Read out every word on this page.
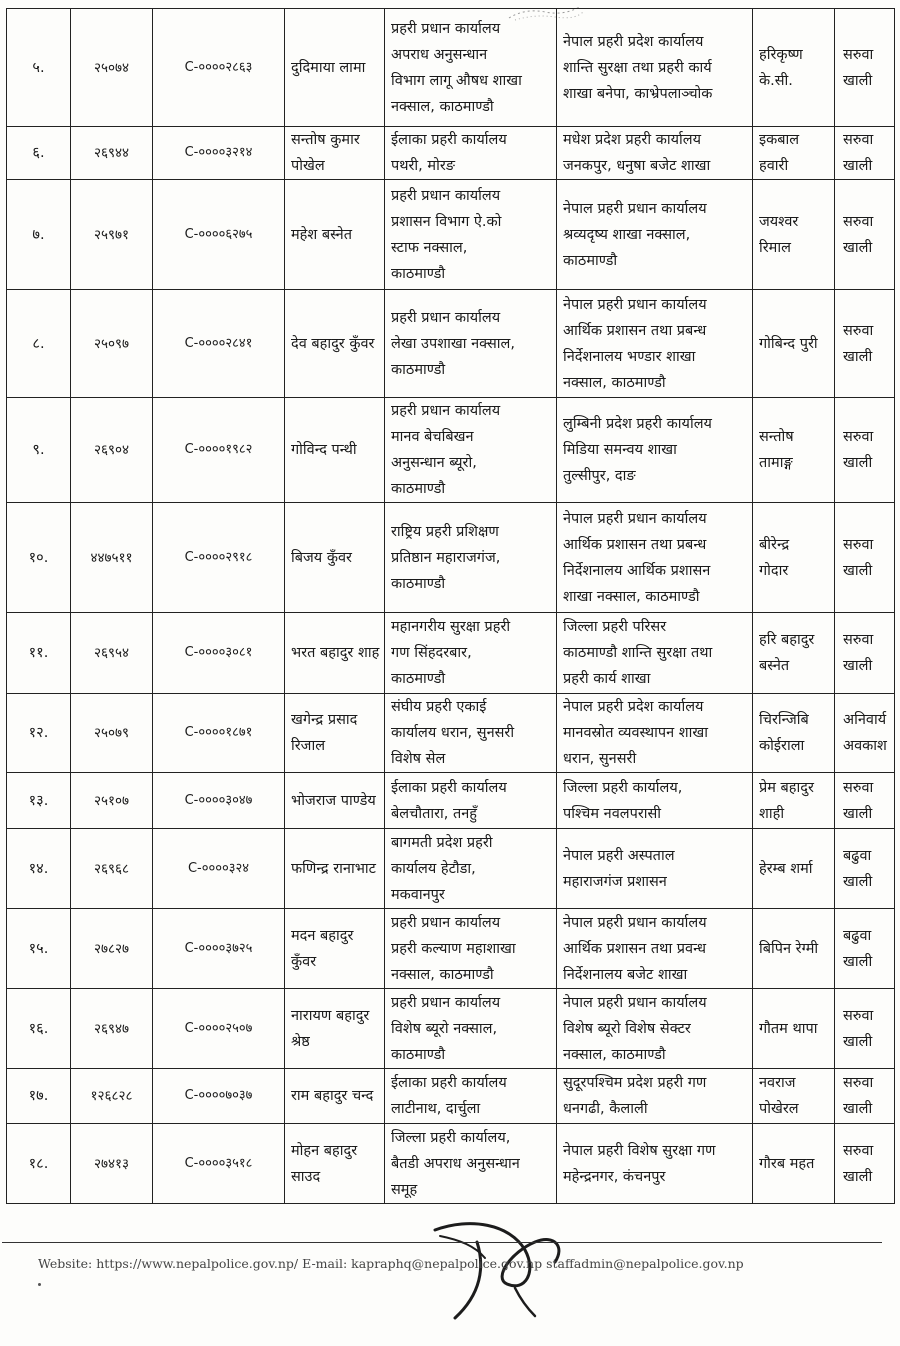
५.	२५०७४	C-००००२८६३	दुदिमाया लामा	प्रहरी प्रधान कार्यालय
अपराध अनुसन्धान
विभाग लागू औषध शाखा
नक्साल, काठमाण्डौ	नेपाल प्रहरी प्रदेश कार्यालय
शान्ति सुरक्षा तथा प्रहरी कार्य
शाखा बनेपा, काभ्रेपलाञ्चोक	हरिकृष्ण
के.सी.	सरुवा
खाली

६.	२६९४४	C-००००३२१४	सन्तोष कुमार
पोखेल	ईलाका प्रहरी कार्यालय
पथरी, मोरङ	मधेश प्रदेश प्रहरी कार्यालय
जनकपुर, धनुषा बजेट शाखा	इकबाल
हवारी	सरुवा
खाली

७.	२५९७१	C-००००६२७५	महेश बस्नेत	प्रहरी प्रधान कार्यालय
प्रशासन विभाग ऐ.को
स्टाफ नक्साल,
काठमाण्डौ	नेपाल प्रहरी प्रधान कार्यालय
श्रव्यदृष्य शाखा नक्साल,
काठमाण्डौ	जयश्वर
रिमाल	सरुवा
खाली

८.	२५०९७	C-००००२८४१	देव बहादुर कुँवर	प्रहरी प्रधान कार्यालय
लेखा उपशाखा नक्साल,
काठमाण्डौ	नेपाल प्रहरी प्रधान कार्यालय
आर्थिक प्रशासन तथा प्रबन्ध
निर्देशनालय भण्डार शाखा
नक्साल, काठमाण्डौ	गोबिन्द पुरी	सरुवा
खाली

९.	२६९०४	C-००००१९८२	गोविन्द पन्थी	प्रहरी प्रधान कार्यालय
मानव बेचबिखन
अनुसन्धान ब्यूरो,
काठमाण्डौ	लुम्बिनी प्रदेश प्रहरी कार्यालय
मिडिया समन्वय शाखा
तुल्सीपुर, दाङ	सन्तोष
तामाङ्ग	सरुवा
खाली

१०.	४४७५११	C-००००२९१८	बिजय कुँवर	राष्ट्रिय प्रहरी प्रशिक्षण
प्रतिष्ठान महाराजगंज,
काठमाण्डौ	नेपाल प्रहरी प्रधान कार्यालय
आर्थिक प्रशासन तथा प्रबन्ध
निर्देशनालय आर्थिक प्रशासन
शाखा नक्साल, काठमाण्डौ	बीरेन्द्र
गोदार	सरुवा
खाली

११.	२६९५४	C-००००३०८१	भरत बहादुर शाह	महानगरीय सुरक्षा प्रहरी
गण सिंहदरबार,
काठमाण्डौ	जिल्ला प्रहरी परिसर
काठमाण्डौ शान्ति सुरक्षा तथा
प्रहरी कार्य शाखा	हरि बहादुर
बस्नेत	सरुवा
खाली

१२.	२५०७९	C-००००१८७१	खगेन्द्र प्रसाद
रिजाल	संघीय प्रहरी एकाई
कार्यालय धरान, सुनसरी
विशेष सेल	नेपाल प्रहरी प्रदेश कार्यालय
मानवस्रोत व्यवस्थापन शाखा
धरान, सुनसरी	चिरन्जिबि
कोईराला	अनिवार्य
अवकाश

१३.	२५१०७	C-००००३०४७	भोजराज पाण्डेय	ईलाका प्रहरी कार्यालय
बेलचौतारा, तनहुँ	जिल्ला प्रहरी कार्यालय,
पश्चिम नवलपरासी	प्रेम बहादुर
शाही	सरुवा
खाली

१४.	२६९६८	C-००००३२४	फणिन्द्र रानाभाट	बागमती प्रदेश प्रहरी
कार्यालय हेटौडा,
मकवानपुर	नेपाल प्रहरी अस्पताल
महाराजगंज प्रशासन	हेरम्ब शर्मा	बढुवा
खाली

१५.	२७८२७	C-००००३७२५	मदन बहादुर
कुँवर	प्रहरी प्रधान कार्यालय
प्रहरी कल्याण महाशाखा
नक्साल, काठमाण्डौ	नेपाल प्रहरी प्रधान कार्यालय
आर्थिक प्रशासन तथा प्रवन्ध
निर्देशनालय बजेट शाखा	बिपिन रेग्मी	बढुवा
खाली

१६.	२६९४७	C-००००२५०७	नारायण बहादुर
श्रेष्ठ	प्रहरी प्रधान कार्यालय
विशेष ब्यूरो नक्साल,
काठमाण्डौ	नेपाल प्रहरी प्रधान कार्यालय
विशेष ब्यूरो विशेष सेक्टर
नक्साल, काठमाण्डौ	गौतम थापा	सरुवा
खाली

१७.	१२६८२८	C-००००७०३७	राम बहादुर चन्द	ईलाका प्रहरी कार्यालय
लाटीनाथ, दार्चुला	सुदूरपश्चिम प्रदेश प्रहरी गण
धनगढी, कैलाली	नवराज
पोखेरल	सरुवा
खाली

१८.	२७४१३	C-००००३५१८	मोहन बहादुर
साउद	जिल्ला प्रहरी कार्यालय,
बैतडी अपराध अनुसन्धान
समूह	नेपाल प्रहरी विशेष सुरक्षा गण
महेन्द्रनगर, कंचनपुर	गौरब महत	सरुवा
खाली
Website: https://www.nepalpolice.gov.np/ E-mail: kapraphq@nepalpolice.gov.np staffadmin@nepalpolice.gov.np
